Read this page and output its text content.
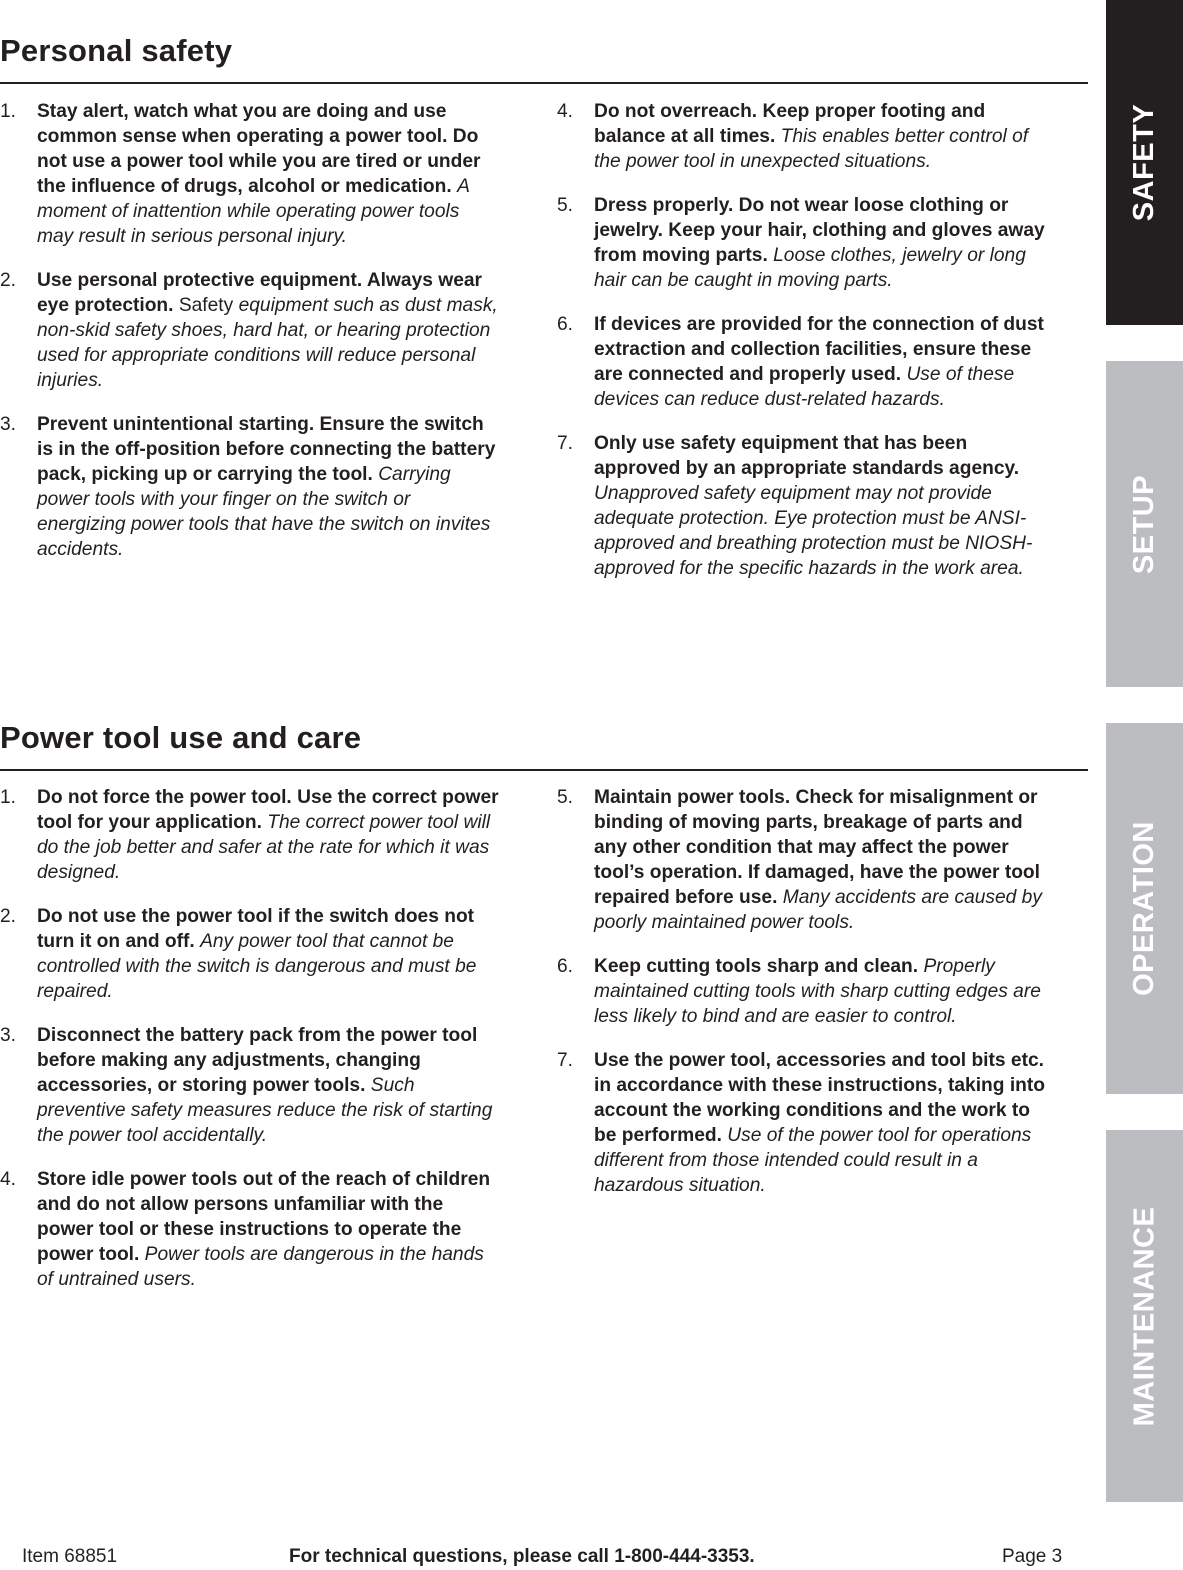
Personal safety
1. Stay alert, watch what you are doing and use common sense when operating a power tool. Do not use a power tool while you are tired or under the influence of drugs, alcohol or medication. A moment of inattention while operating power tools may result in serious personal injury.
2. Use personal protective equipment. Always wear eye protection. Safety equipment such as dust mask, non-skid safety shoes, hard hat, or hearing protection used for appropriate conditions will reduce personal injuries.
3. Prevent unintentional starting. Ensure the switch is in the off-position before connecting the battery pack, picking up or carrying the tool. Carrying power tools with your finger on the switch or energizing power tools that have the switch on invites accidents.
4. Do not overreach. Keep proper footing and balance at all times. This enables better control of the power tool in unexpected situations.
5. Dress properly. Do not wear loose clothing or jewelry. Keep your hair, clothing and gloves away from moving parts. Loose clothes, jewelry or long hair can be caught in moving parts.
6. If devices are provided for the connection of dust extraction and collection facilities, ensure these are connected and properly used. Use of these devices can reduce dust-related hazards.
7. Only use safety equipment that has been approved by an appropriate standards agency. Unapproved safety equipment may not provide adequate protection. Eye protection must be ANSI-approved and breathing protection must be NIOSH-approved for the specific hazards in the work area.
Power tool use and care
1. Do not force the power tool. Use the correct power tool for your application. The correct power tool will do the job better and safer at the rate for which it was designed.
2. Do not use the power tool if the switch does not turn it on and off. Any power tool that cannot be controlled with the switch is dangerous and must be repaired.
3. Disconnect the battery pack from the power tool before making any adjustments, changing accessories, or storing power tools. Such preventive safety measures reduce the risk of starting the power tool accidentally.
4. Store idle power tools out of the reach of children and do not allow persons unfamiliar with the power tool or these instructions to operate the power tool. Power tools are dangerous in the hands of untrained users.
5. Maintain power tools. Check for misalignment or binding of moving parts, breakage of parts and any other condition that may affect the power tool’s operation. If damaged, have the power tool repaired before use. Many accidents are caused by poorly maintained power tools.
6. Keep cutting tools sharp and clean. Properly maintained cutting tools with sharp cutting edges are less likely to bind and are easier to control.
7. Use the power tool, accessories and tool bits etc. in accordance with these instructions, taking into account the working conditions and the work to be performed. Use of the power tool for operations different from those intended could result in a hazardous situation.
SAFETY
SETUP
OPERATION
MAINTENANCE
Item 68851	For technical questions, please call 1-800-444-3353.	Page 3
